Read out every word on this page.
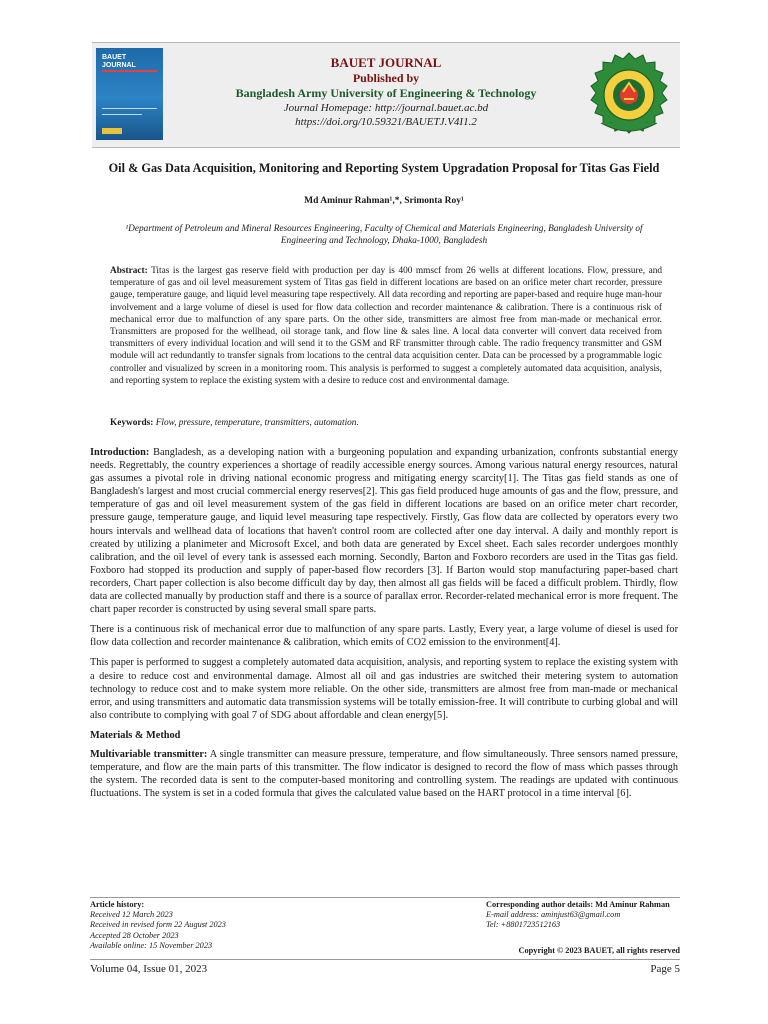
BAUET
JOURNAL	BAUET JOURNAL
Published by
Bangladesh Army University of Engineering & Technology
Journal Homepage: http://journal.bauet.ac.bd
https://doi.org/10.59321/BAUETJ.V4I1.2
Oil & Gas Data Acquisition, Monitoring and Reporting System Upgradation Proposal for Titas Gas Field
Md Aminur Rahman¹,*, Srimonta Roy¹
¹Department of Petroleum and Mineral Resources Engineering, Faculty of Chemical and Materials Engineering, Bangladesh University of Engineering and Technology, Dhaka-1000, Bangladesh

Abstract: Titas is the largest gas reserve field with production per day is 400 mmscf from 26 wells at different locations. Flow, pressure, and temperature of gas and oil level measurement system of Titas gas field in different locations are based on an orifice meter chart recorder, pressure gauge, temperature gauge, and liquid level measuring tape respectively. All data recording and reporting are paper-based and require huge man-hour involvement and a large volume of diesel is used for flow data collection and recorder maintenance & calibration. There is a continuous risk of mechanical error due to malfunction of any spare parts. On the other side, transmitters are almost free from man-made or mechanical error. Transmitters are proposed for the wellhead, oil storage tank, and flow line & sales line. A local data converter will convert data received from transmitters of every individual location and will send it to the GSM and RF transmitter through cable. The radio frequency transmitter and GSM module will act redundantly to transfer signals from locations to the central data acquisition center. Data can be processed by a programmable logic controller and visualized by screen in a monitoring room. This analysis is performed to suggest a completely automated data acquisition, analysis, and reporting system to replace the existing system with a desire to reduce cost and environmental damage.

Keywords: Flow, pressure, temperature, transmitters, automation.

Introduction: Bangladesh, as a developing nation with a burgeoning population and expanding urbanization, confronts substantial energy needs. Regrettably, the country experiences a shortage of readily accessible energy sources. Among various natural energy resources, natural gas assumes a pivotal role in driving national economic progress and mitigating energy scarcity[1]. The Titas gas field stands as one of Bangladesh's largest and most crucial commercial energy reserves[2]. This gas field produced huge amounts of gas and the flow, pressure, and temperature of gas and oil level measurement system of the gas field in different locations are based on an orifice meter chart recorder, pressure gauge, temperature gauge, and liquid level measuring tape respectively. Firstly, Gas flow data are collected by operators every two hours intervals and wellhead data of locations that haven't control room are collected after one day interval. A daily and monthly report is created by utilizing a planimeter and Microsoft Excel, and both data are generated by Excel sheet. Each sales recorder undergoes monthly calibration, and the oil level of every tank is assessed each morning. Secondly, Barton and Foxboro recorders are used in the Titas gas field. Foxboro had stopped its production and supply of paper-based flow recorders [3]. If Barton would stop manufacturing paper-based chart recorders, Chart paper collection is also become difficult day by day, then almost all gas fields will be faced a difficult problem. Thirdly, flow data are collected manually by production staff and there is a source of parallax error. Recorder-related mechanical error is more frequent. The chart paper recorder is constructed by using several small spare parts.

There is a continuous risk of mechanical error due to malfunction of any spare parts. Lastly, Every year, a large volume of diesel is used for flow data collection and recorder maintenance & calibration, which emits of CO2 emission to the environment[4].

This paper is performed to suggest a completely automated data acquisition, analysis, and reporting system to replace the existing system with a desire to reduce cost and environmental damage. Almost all oil and gas industries are switched their metering system to automation technology to reduce cost and to make system more reliable. On the other side, transmitters are almost free from man-made or mechanical error, and using transmitters and automatic data transmission systems will be totally emission-free. It will contribute to curbing global and will also contribute to complying with goal 7 of SDG about affordable and clean energy[5].

Materials & Method

Multivariable transmitter: A single transmitter can measure pressure, temperature, and flow simultaneously. Three sensors named pressure, temperature, and flow are the main parts of this transmitter. The flow indicator is designed to record the flow of mass which passes through the system. The recorded data is sent to the computer-based monitoring and controlling system. The readings are updated with continuous fluctuations. The system is set in a coded formula that gives the calculated value based on the HART protocol in a time interval [6].

Article history:
Received 12 March 2023
Received in revised form 22 August 2023
Accepted 28 October 2023
Available online: 15 November 2023
Corresponding author details: Md Aminur Rahman
E-mail address: aminjust63@gmail.com
Tel: +8801723512163
Copyright © 2023 BAUET, all rights reserved
Volume 04, Issue 01, 2023	Page 5
